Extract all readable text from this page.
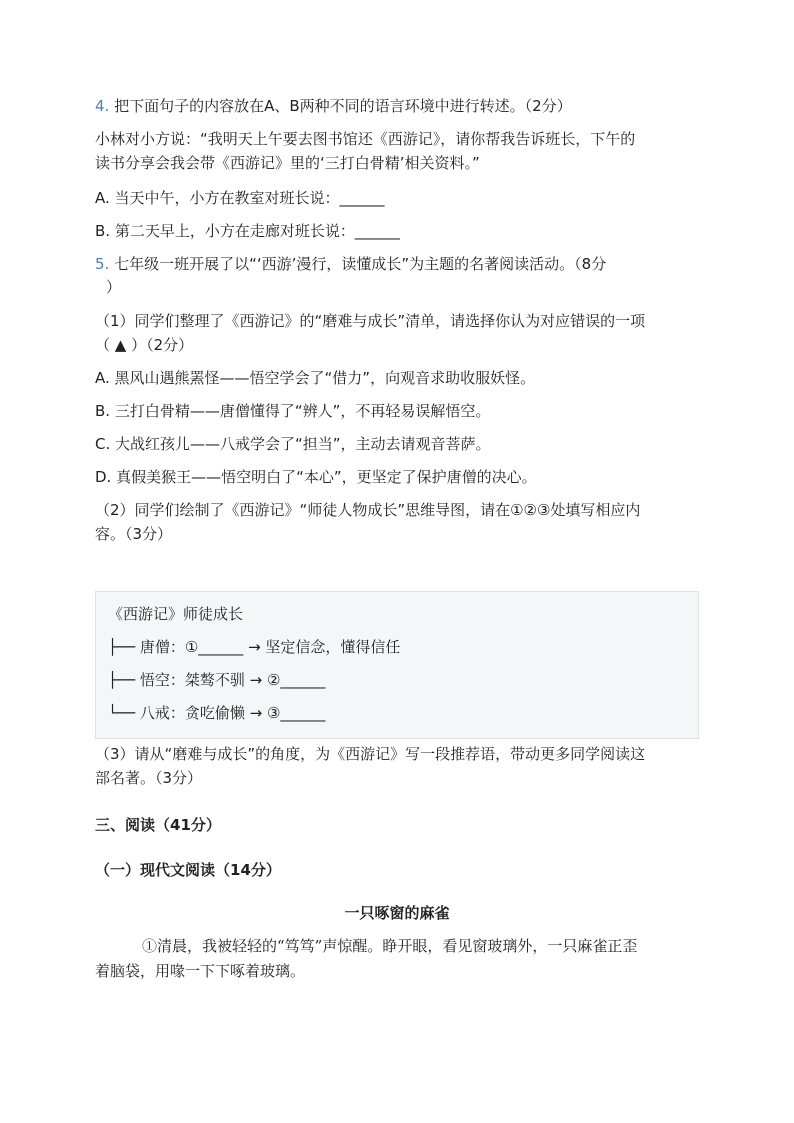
4. 把下面句子的内容放在A、B两种不同的语言环境中进行转述。（2分）
小林对小方说：“我明天上午要去图书馆还《西游记》，请你帮我告诉班长，下午的
读书分享会我会带《西游记》里的‘三打白骨精’相关资料。”
A. 当天中午，小方在教室对班长说：______
B. 第二天早上，小方在走廊对班长说：______
5. 七年级一班开展了以“‘西游’漫行，读懂成长”为主题的名著阅读活动。（8分
）
（1）同学们整理了《西游记》的“磨难与成长”清单，请选择你认为对应错误的一项
（ ▲ ）（2分）
A. 黑风山遇熊罴怪——悟空学会了“借力”，向观音求助收服妖怪。
B. 三打白骨精——唐僧懂得了“辨人”，不再轻易误解悟空。
C. 大战红孩儿——八戒学会了“担当”，主动去请观音菩萨。
D. 真假美猴王——悟空明白了“本心”，更坚定了保护唐僧的决心。
（2）同学们绘制了《西游记》“师徒人物成长”思维导图，请在①②③处填写相应内
容。（3分）
《西游记》师徒成长
├── 唐僧：①______ → 坚定信念，懂得信任
├── 悟空：桀骜不驯 → ②______
└── 八戒：贪吃偷懒 → ③______
（3）请从“磨难与成长”的角度，为《西游记》写一段推荐语，带动更多同学阅读这
部名著。（3分）
三、阅读（41分）
（一）现代文阅读（14分）
一只啄窗的麻雀
①清晨，我被轻轻的“笃笃”声惊醒。睁开眼，看见窗玻璃外，一只麻雀正歪
着脑袋，用喙一下下啄着玻璃。
